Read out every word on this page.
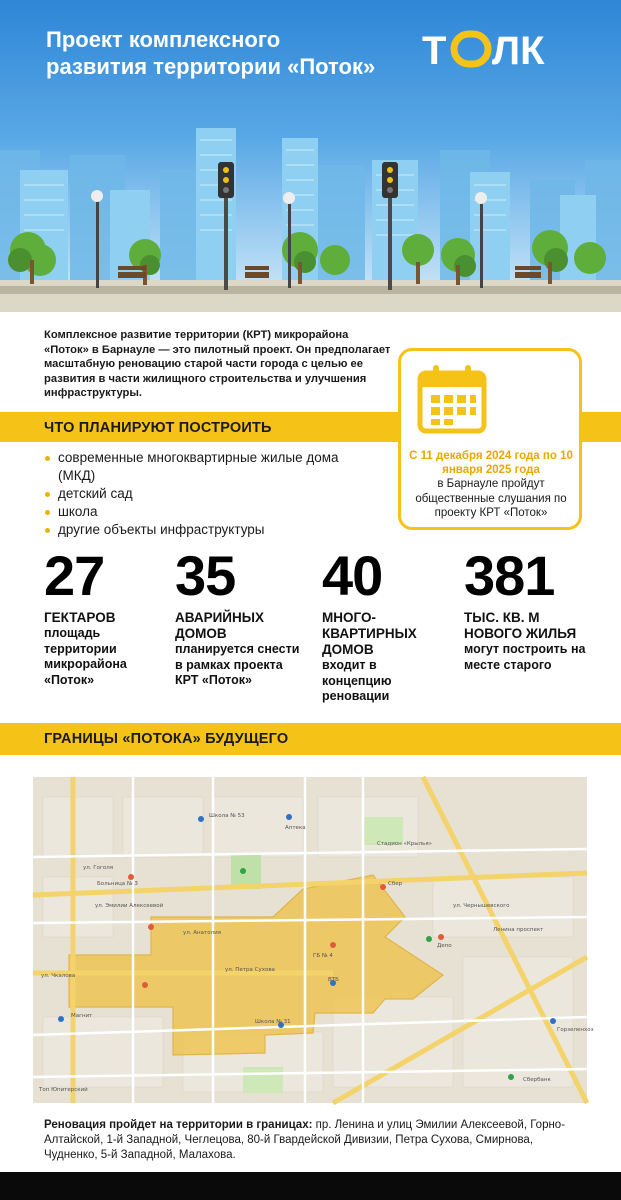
Проект комплексного развития территории «Поток» Т ЛК

Комплексное развитие территории (КРТ) микрорайона «Поток» в Барнауле — это пилотный проект. Он предполагает масштабную реновацию старой части города с целью ее развития в части жилищного строительства и улучшения инфраструктуры.

С 11 декабря 2024 года по 10 января 2025 года
в Барнауле пройдут общественные слушания по проекту КРТ «Поток»
ЧТО ПЛАНИРУЮТ ПОСТРОИТЬ
современные многоквартирные жилые дома (МКД)
детский сад
школа
другие объекты инфраструктуры
27
ГЕКТАРОВ
площадь территории микрорайона «Поток»
35
АВАРИЙНЫХ ДОМОВ
планируется снести в рамках проекта КРТ «Поток»
40
МНОГО-КВАРТИРНЫХ ДОМОВ
входит в концепцию реновации
381
ТЫС. КВ. М НОВОГО ЖИЛЬЯ
могут построить на месте старого
ГРАНИЦЫ «ПОТОКА» БУДУЩЕГО
ул. Гоголя
ул. Эмилии Алексеевой
ул. Петра Сухова
ул. Анатолия
Школа № 53
Школа № 31
ВТБ
Сбер
Магнит
Стадион «Крылья»
Ленина проспект
ул. Чернышевского
Депо
Сбербанк
Горзеленхоз
ул. Чкалова
Топ Юпитерский
Аптека
Больница № 3
ГБ № 4

Реновация пройдет на территории в границах: пр. Ленина и улиц Эмилии Алексеевой, Горно-Алтайской, 1-й Западной, Чеглецова, 80-й Гвардейской Дивизии, Петра Сухова, Смирнова, Чудненко, 5-й Западной, Малахова.
